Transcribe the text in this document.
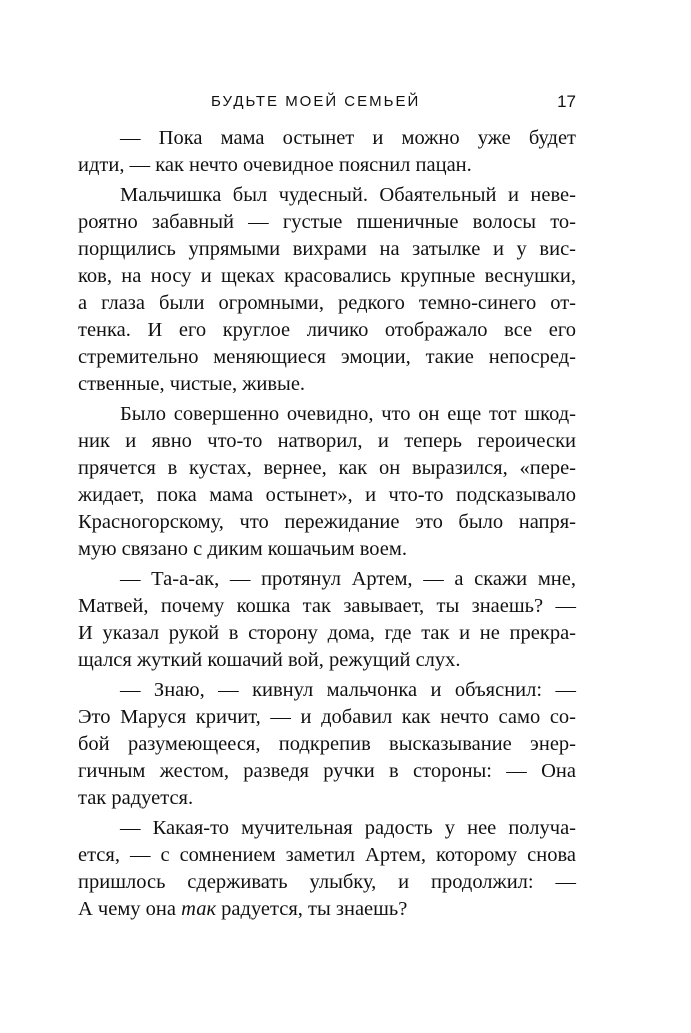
БУДЬТЕ МОЕЙ СЕМЬЕЙ	17
— Пока мама остынет и можно уже будет
идти, — как нечто очевидное пояснил пацан.
Мальчишка был чудесный. Обаятельный и неве-
роятно забавный — густые пшеничные волосы то-
порщились упрямыми вихрами на затылке и у вис-
ков, на носу и щеках красовались крупные веснушки,
а глаза были огромными, редкого темно-синего от-
тенка. И его круглое личико отображало все его
стремительно меняющиеся эмоции, такие непосред-
ственные, чистые, живые.
Было совершенно очевидно, что он еще тот шкод-
ник и явно что-то натворил, и теперь героически
прячется в кустах, вернее, как он выразился, «пере-
жидает, пока мама остынет», и что-то подсказывало
Красногорскому, что пережидание это было напря-
мую связано с диким кошачьим воем.
— Та-а-ак, — протянул Артем, — а скажи мне,
Матвей, почему кошка так завывает, ты знаешь? —
И указал рукой в сторону дома, где так и не прекра-
щался жуткий кошачий вой, режущий слух.
— Знаю, — кивнул мальчонка и объяснил: —
Это Маруся кричит, — и добавил как нечто само со-
бой разумеющееся, подкрепив высказывание энер-
гичным жестом, разведя ручки в стороны: — Она
так радуется.
— Какая-то мучительная радость у нее получа-
ется, — с сомнением заметил Артем, которому снова
пришлось сдерживать улыбку, и продолжил: —
А чему она так радуется, ты знаешь?
